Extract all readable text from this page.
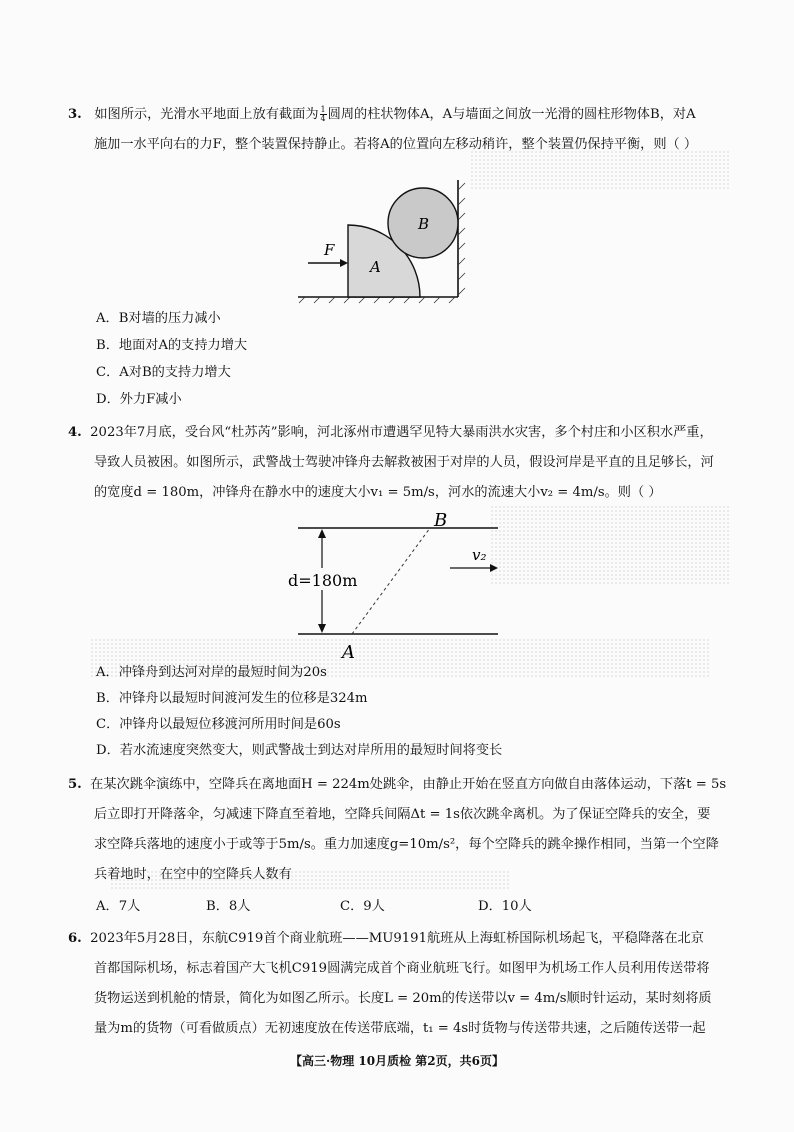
3. 如图所示，光滑水平地面上放有截面为 $\frac{1}{4}$ 圆周的柱状物体A，A与墙面之间放一光滑的圆柱形物体B，对A
施加一水平向右的力F，整个装置保持静止。若将A的位置向左移动稍许，整个装置仍保持平衡，则（ ）
A
B
F
A．B对墙的压力减小
B．地面对A的支持力增大
C．A对B的支持力增大
D．外力F减小
4. 2023年7月底，受台风“杜苏芮”影响，河北涿州市遭遇罕见特大暴雨洪水灾害，多个村庄和小区积水严重，
导致人员被困。如图所示，武警战士驾驶冲锋舟去解救被困于对岸的人员，假设河岸是平直的且足够长，河
的宽度d = 180m，冲锋舟在静水中的速度大小v₁ = 5m/s，河水的流速大小v₂ = 4m/s。则（ ）
d=180m
B
A
v₂
A．冲锋舟到达河对岸的最短时间为20s
B．冲锋舟以最短时间渡河发生的位移是324m
C．冲锋舟以最短位移渡河所用时间是60s
D．若水流速度突然变大，则武警战士到达对岸所用的最短时间将变长
5. 在某次跳伞演练中，空降兵在离地面H = 224m处跳伞，由静止开始在竖直方向做自由落体运动，下落t = 5s
后立即打开降落伞，匀减速下降直至着地，空降兵间隔Δt = 1s依次跳伞离机。为了保证空降兵的安全，要
求空降兵落地的速度小于或等于5m/s。重力加速度g=10m/s²，每个空降兵的跳伞操作相同，当第一个空降
兵着地时，在空中的空降兵人数有
A．7人	B．8人	C．9人	D．10人
6. 2023年5月28日，东航C919首个商业航班——MU9191航班从上海虹桥国际机场起飞，平稳降落在北京
首都国际机场，标志着国产大飞机C919圆满完成首个商业航班飞行。如图甲为机场工作人员利用传送带将
货物运送到机舱的情景，简化为如图乙所示。长度L = 20m的传送带以v = 4m/s顺时针运动，某时刻将质
量为m的货物（可看做质点）无初速度放在传送带底端，t₁ = 4s时货物与传送带共速，之后随传送带一起
【高三·物理 10月质检 第2页，共6页】
